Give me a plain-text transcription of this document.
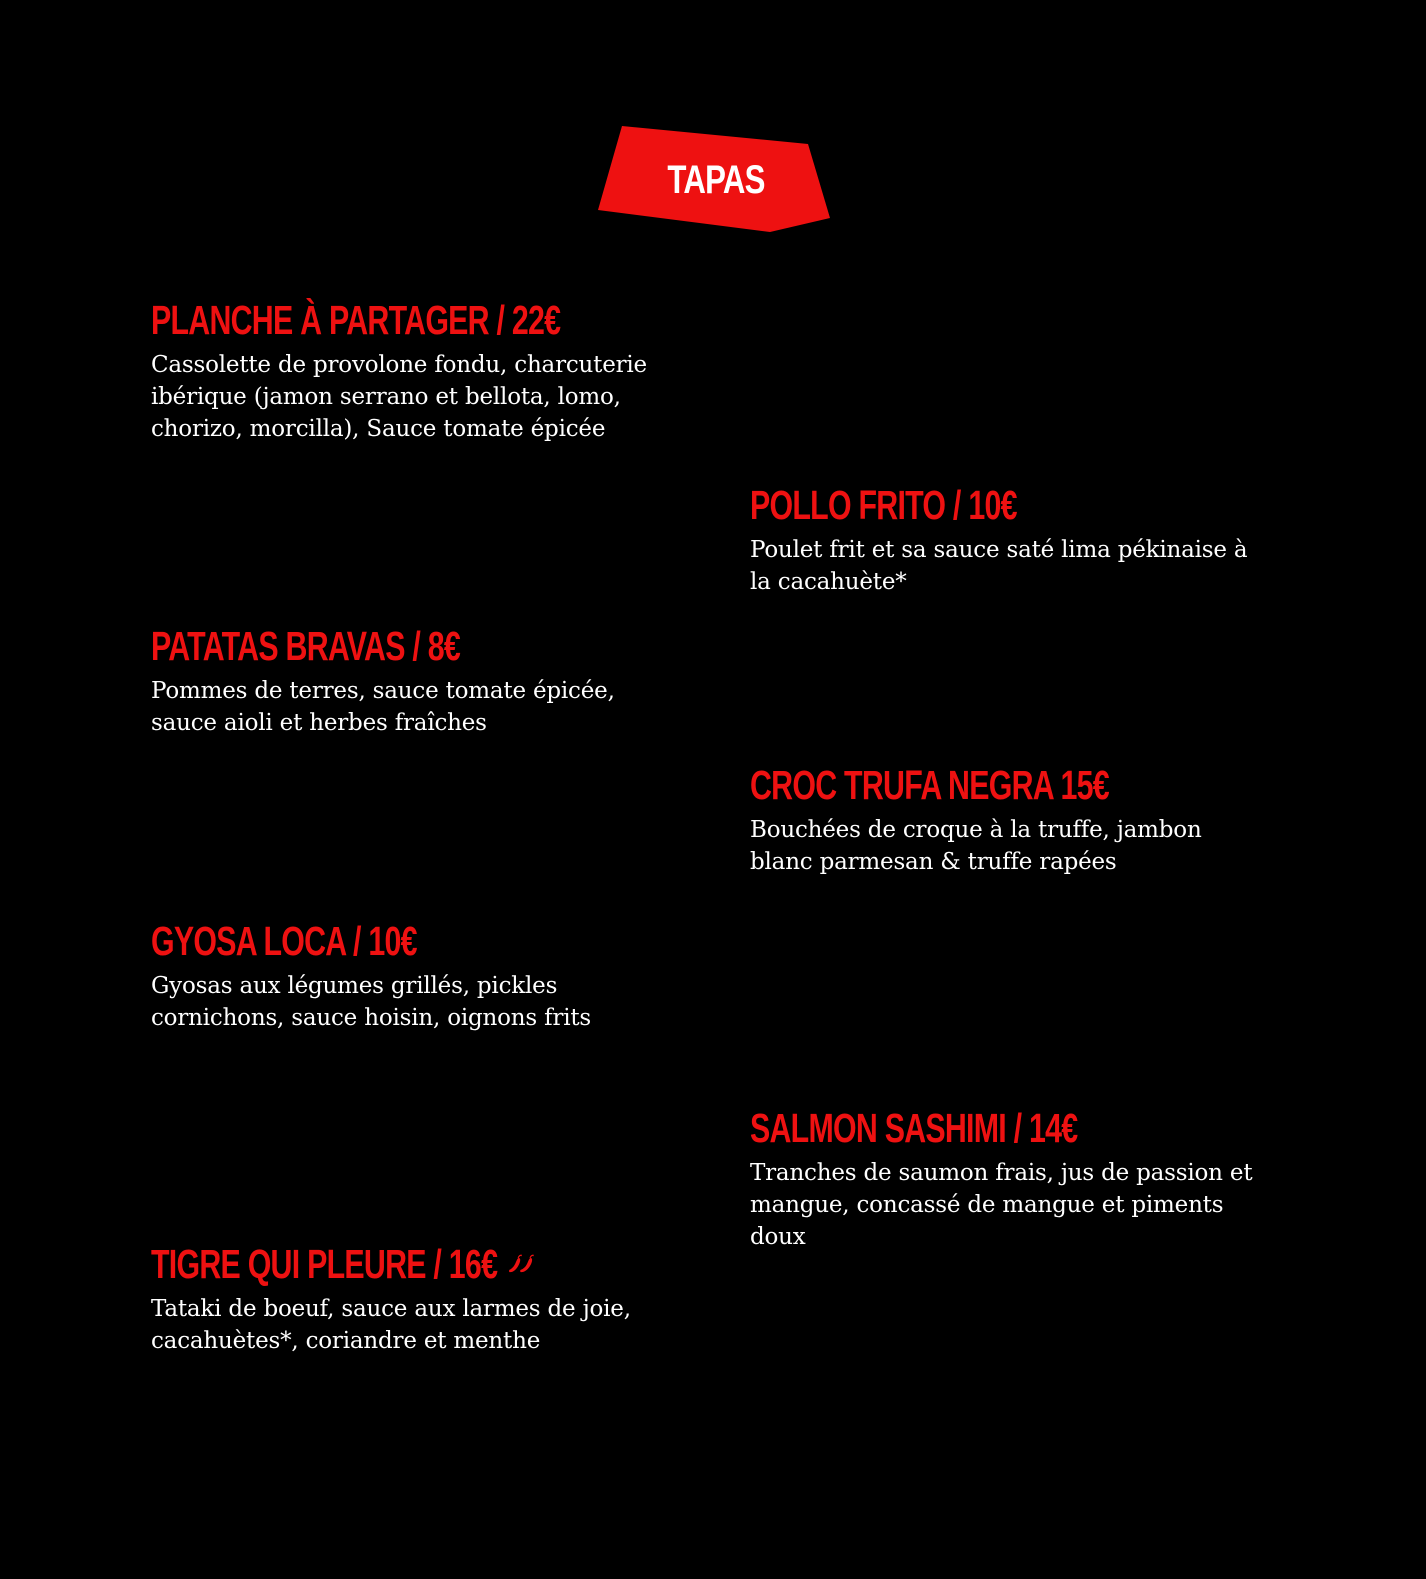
TAPAS
PLANCHE À PARTAGER / 22€
Cassolette de provolone fondu, charcuterie ibérique (jamon serrano et bellota, lomo, chorizo, morcilla), Sauce tomate épicée
POLLO FRITO / 10€
Poulet frit et sa sauce saté lima pékinaise à la cacahuète*
PATATAS BRAVAS / 8€
Pommes de terres, sauce tomate épicée, sauce aioli et herbes fraîches
CROC TRUFA NEGRA 15€
Bouchées de croque à la truffe, jambon blanc parmesan & truffe rapées
GYOSA LOCA / 10€
Gyosas aux légumes grillés, pickles cornichons, sauce hoisin, oignons frits
SALMON SASHIMI / 14€
Tranches de saumon frais, jus de passion et mangue, concassé de mangue et piments doux
TIGRE QUI PLEURE / 16€
Tataki de boeuf, sauce aux larmes de joie, cacahuètes*, coriandre et menthe
